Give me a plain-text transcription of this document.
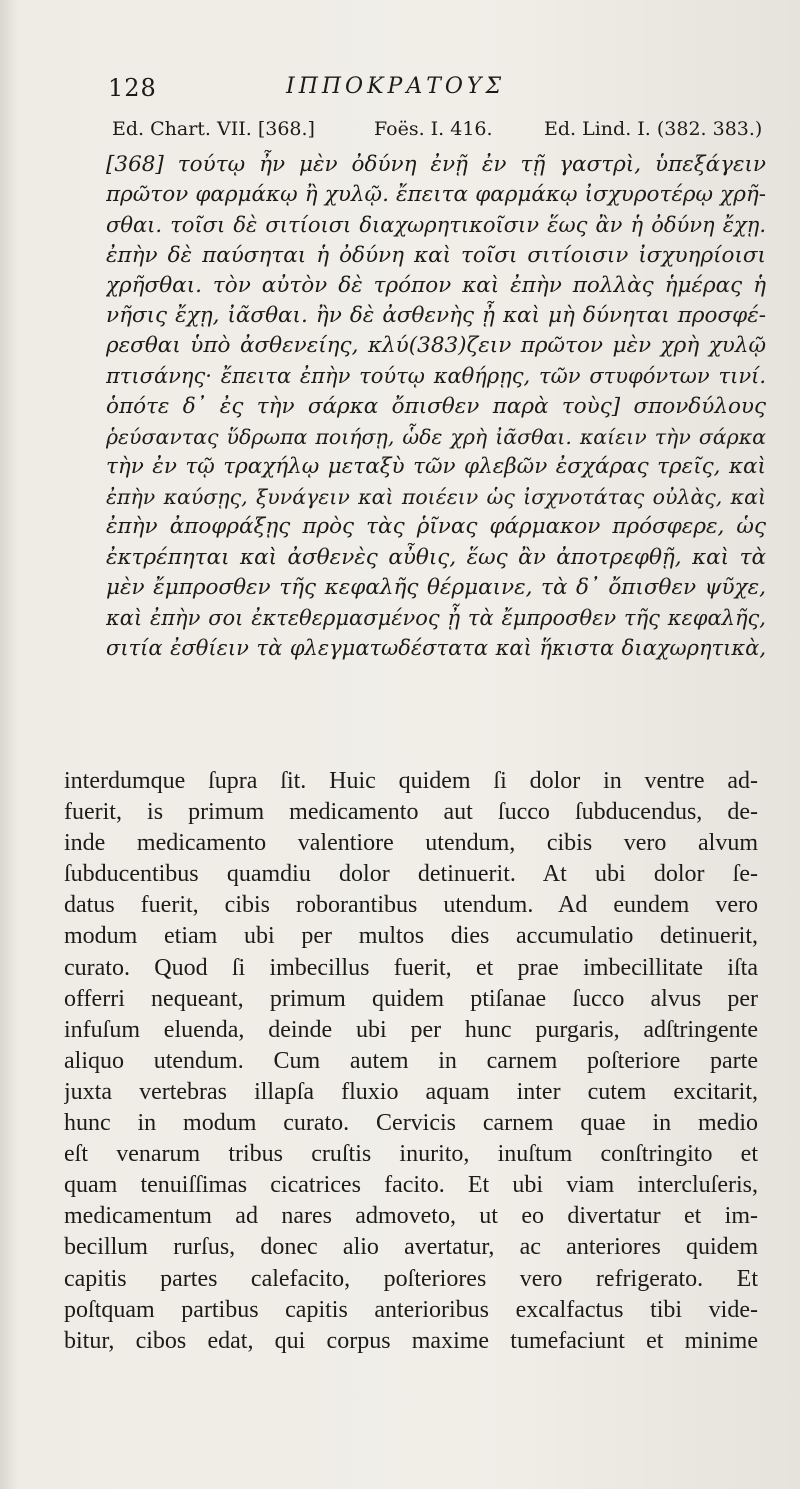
128	ΙΠΠΟΚΡΑΤΟΥΣ
Ed. Chart. VII. [368.]	Foës. I. 416.	Ed. Lind. I. (382. 383.)
[368] τούτῳ ἦν μὲν ὀδύνη ἐνῇ ἐν τῇ γαστρὶ, ὑπεξάγειν
πρῶτον φαρμάκῳ ἢ χυλῷ. ἔπειτα φαρμάκῳ ἰσχυροτέρῳ χρῆ-
σθαι. τοῖσι δὲ σιτίοισι διαχωρητικοῖσιν ἕως ἂν ἡ ὀδύνη ἔχῃ.
ἐπὴν δὲ παύσηται ἡ ὀδύνη καὶ τοῖσι σιτίοισιν ἰσχυηρίοισι
χρῆσθαι. τὸν αὐτὸν δὲ τρόπον καὶ ἐπὴν πολλὰς ἡμέρας ἡ
νῆσις ἔχῃ, ἰᾶσθαι. ἢν δὲ ἀσθενὴς ᾖ καὶ μὴ δύνηται προσφέ-
ρεσθαι ὑπὸ ἀσθενείης, κλύ(383)ζειν πρῶτον μὲν χρὴ χυλῷ
πτισάνης· ἔπειτα ἐπὴν τούτῳ καθήρῃς, τῶν στυφόντων τινί.
ὁπότε δ᾽ ἐς τὴν σάρκα ὄπισθεν παρὰ τοὺς] σπονδύλους
ῥεύσαντας ὕδρωπα ποιήσῃ, ὧδε χρὴ ἰᾶσθαι. καίειν τὴν σάρκα
τὴν ἐν τῷ τραχήλῳ μεταξὺ τῶν φλεβῶν ἐσχάρας τρεῖς, καὶ
ἐπὴν καύσῃς, ξυνάγειν καὶ ποιέειν ὡς ἰσχνοτάτας οὐλὰς, καὶ
ἐπὴν ἀποφράξῃς πρὸς τὰς ῥῖνας φάρμακον πρόσφερε, ὡς
ἐκτρέπηται καὶ ἀσθενὲς αὖθις, ἕως ἂν ἀποτρεφθῇ, καὶ τὰ
μὲν ἔμπροσθεν τῆς κεφαλῆς θέρμαινε, τὰ δ᾽ ὄπισθεν ψῦχε,
καὶ ἐπὴν σοι ἐκτεθερμασμένος ᾖ τὰ ἔμπροσθεν τῆς κεφαλῆς,
σιτία ἐσθίειν τὰ φλεγματωδέστατα καὶ ἥκιστα διαχωρητικὰ,
interdumque ſupra ſit. Huic quidem ſi dolor in ventre ad-
fuerit, is primum medicamento aut ſucco ſubducendus, de-
inde medicamento valentiore utendum, cibis vero alvum
ſubducentibus quamdiu dolor detinuerit. At ubi dolor ſe-
datus fuerit, cibis roborantibus utendum. Ad eundem vero
modum etiam ubi per multos dies accumulatio detinuerit,
curato. Quod ſi imbecillus fuerit, et prae imbecillitate iſta
offerri nequeant, primum quidem ptiſanae ſucco alvus per
infuſum eluenda, deinde ubi per hunc purgaris, adſtringente
aliquo utendum. Cum autem in carnem poſteriore parte
juxta vertebras illapſa fluxio aquam inter cutem excitarit,
hunc in modum curato. Cervicis carnem quae in medio
eſt venarum tribus cruſtis inurito, inuſtum conſtringito et
quam tenuiſſimas cicatrices facito. Et ubi viam intercluſeris,
medicamentum ad nares admoveto, ut eo divertatur et im-
becillum rurſus, donec alio avertatur, ac anteriores quidem
capitis partes calefacito, poſteriores vero refrigerato. Et
poſtquam partibus capitis anterioribus excalfactus tibi vide-
bitur, cibos edat, qui corpus maxime tumefaciunt et minime
